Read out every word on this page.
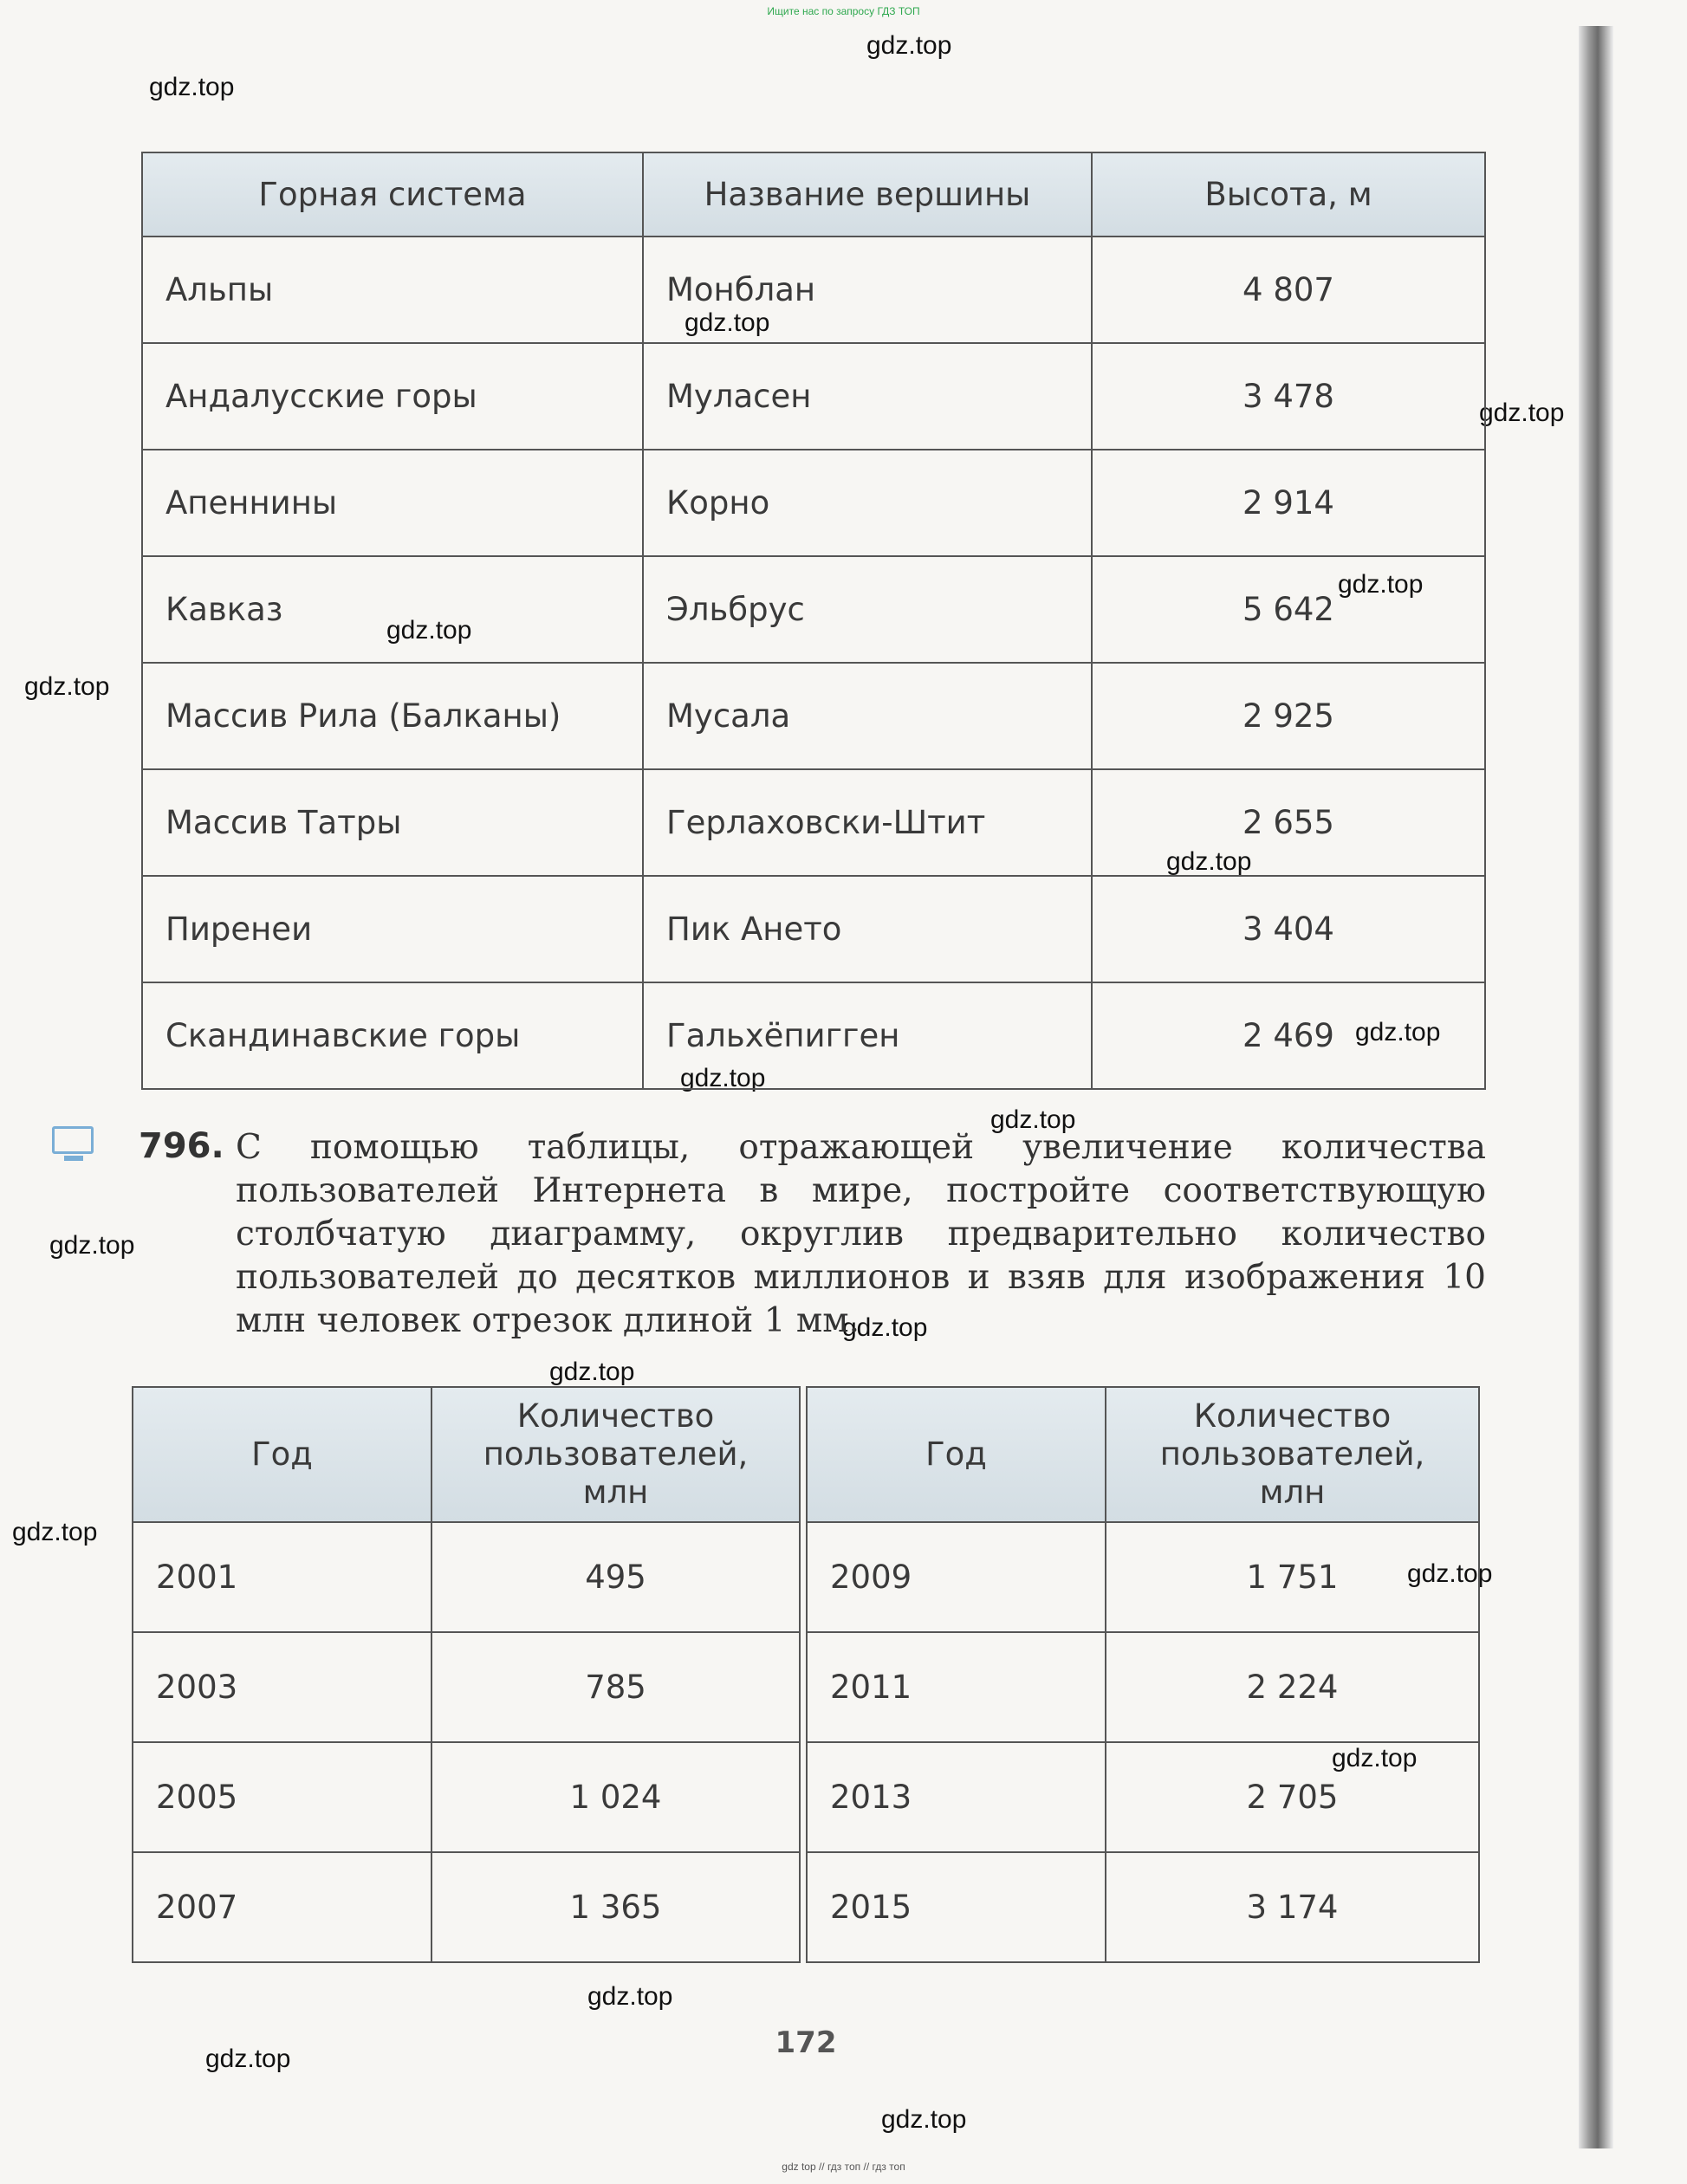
Ищите нас по запросу ГДЗ ТОП
gdz.top
gdz.top
gdz.top
gdz.top
gdz.top
gdz.top
gdz.top
gdz.top
gdz.top
gdz.top
gdz.top
gdz.top
gdz.top
gdz.top
gdz.top
gdz.top
gdz.top
gdz.top
gdz.top
gdz.top
Горная система	Название вершины	Высота, м
Альпы	Монблан	4 807
Андалусские горы	Муласен	3 478
Апеннины	Корно	2 914
Кавказ	Эльбрус	5 642
Массив Рила (Балканы)	Мусала	2 925
Массив Татры	Герлаховски-Штит	2 655
Пиренеи	Пик Ането	3 404
Скандинавские горы	Гальхёпигген	2 469
796. С помощью таблицы, отражающей увеличение количества пользователей Интернета в мире, постройте соответствующую столбчатую диаграмму, округлив предварительно количество пользователей до десятков миллионов и взяв для изображения 10 млн человек отрезок длиной 1 мм.
Год	Количество пользователей, млн		Год	Количество пользователей, млн
2001	495		2009	1 751
2003	785		2011	2 224
2005	1 024		2013	2 705
2007	1 365		2015	3 174
172
gdz top // гдз топ // гдз топ
